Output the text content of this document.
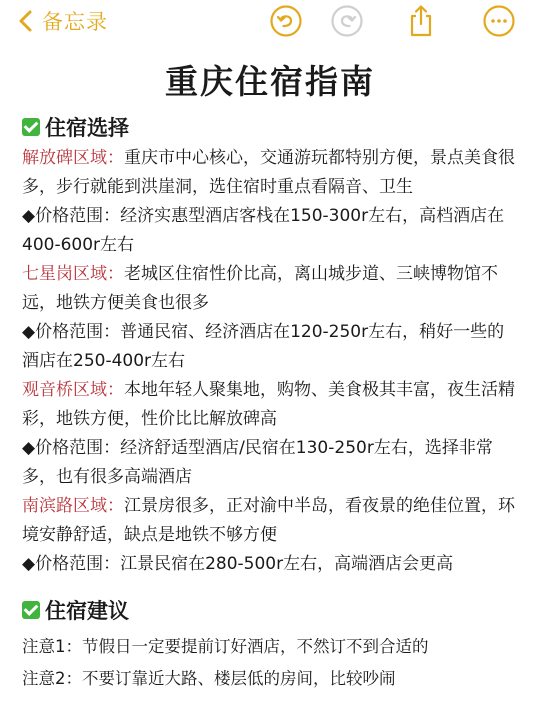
备忘录
重庆住宿指南
住宿选择

解放碑区域：重庆市中心核心，交通游玩都特别方便，景点美食很多，步行就能到洪崖洞，选住宿时重点看隔音、卫生

◆价格范围：经济实惠型酒店客栈在150-300r左右，高档酒店在400-600r左右

七星岗区域：老城区住宿性价比高，离山城步道、三峡博物馆不远，地铁方便美食也很多

◆价格范围：普通民宿、经济酒店在120-250r左右，稍好一些的酒店在250-400r左右

观音桥区域：本地年轻人聚集地，购物、美食极其丰富，夜生活精彩，地铁方便，性价比比解放碑高

◆价格范围：经济舒适型酒店/民宿在130-250r左右，选择非常多，也有很多高端酒店

南滨路区域：江景房很多，正对渝中半岛，看夜景的绝佳位置，环境安静舒适，缺点是地铁不够方便

◆价格范围：江景民宿在280-500r左右，高端酒店会更高

住宿建议

注意1：节假日一定要提前订好酒店，不然订不到合适的

注意2：不要订靠近大路、楼层低的房间，比较吵闹
